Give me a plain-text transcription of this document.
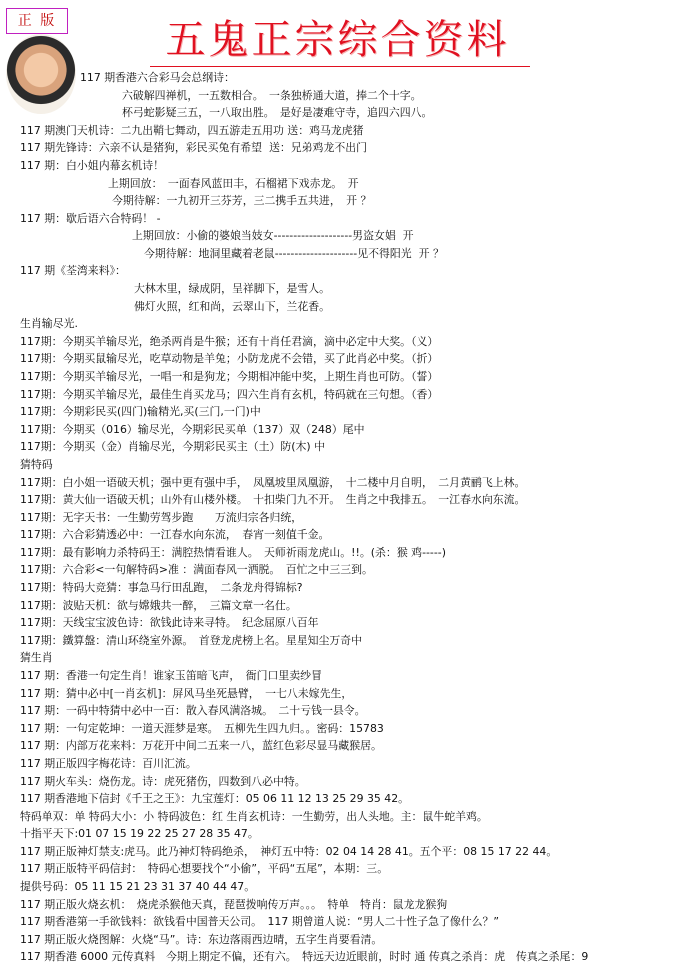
正 版	五鬼正宗综合资料
117 期香港六合彩马会总纲诗：
六破解四禅机，一五数相合。　一条独桥通大道，捧二个十字。
杯弓蛇影疑三五，一八取出胜。　是好是凄难守寺，追四六四八。
117 期澳门天机诗：二九出鞘七舞动，四五游走五用功 送：鸡马龙虎猪
117 期先锋诗：六亲不认是猪狗，彩民买兔有希望  送：兄弟鸡龙不出门
117 期：白小姐内幕玄机诗！
上期回放：　一面春风蓝田丰，石榴裙下戏赤龙。　开
今期待解：一九初开三芬芳，三二携手五共进，　开 ？
117 期：歇后语六合特码！ -
上期回放：小偷的婆娘当妓女--------------------男盗女娼  开
今期待解：地洞里藏着老鼠---------------------见不得阳光  开 ？
117 期《荃湾来料》：
大林木里，绿成阴，呈祥脚下，是雪人。
佛灯火照，红和尚，云翠山下，兰花香。
生肖输尽光.
117期：今期买羊输尽光，绝杀两肖是牛猴；还有十肖任君滴，滴中必定中大奖。（义）
117期：今期买鼠输尽光，吃草动物是羊兔；小防龙虎不会错，买了此肖必中奖。（折）
117期：今期买羊输尽光，一唱一和是狗龙；今期相冲能中奖，上期生肖也可防。（誓）
117期：今期买羊输尽光，最佳生肖买龙马；四六生肖有玄机，特码就在三句想。（香）
117期：今期彩民买(四门)输精光,买(三门,一门)中
117期：今期买（016）输尽光，今期彩民买单（137）双（248）尾中
117期：今期买（金）肖输尽光，今期彩民买主（土）防(木) 中
猜特码
117期：白小姐一语破天机；强中更有强中手，　凤凰坡里凤凰游，　十二楼中月自明，　二月黄鹂飞上林。
117期：黄大仙一语破天机；山外有山楼外楼。　十扣柴门九不开。　生肖之中我排五。　一江春水向东流。
117期：无字天书：一生勤劳驾步跑　　万流归宗各归统，
117期：六合彩猜透必中：一江春水向东流，　春宵一刻值千金。
117期：最有影响力杀特码王：满腔热情看谁人。　天师祈雨龙虎山。!!。(杀：猴 鸡-----)
117期：六合彩<一句解特码>准 ：满面春风一洒脱。　百忙之中三三到。
117期：特码大竞猜：事急马行田乱跑，　二条龙舟得锦标?
117期：波贴天机：欲与嫦娥共一醉，　三篇文章一名仕。
117期：天线宝宝波色诗：欲钱此诗来寻特。　纪念屈原八百年
117期：鐵算盤：清山环绕室外源。　首登龙虎榜上名。星星知尘万奇中
猜生肖
117 期：香港一句定生肖！谁家玉笛暗飞声，　衙门口里卖纱冒
117 期：猜中必中[一肖玄机]：屏风马坐死悬臂，　一七八未嫁先生，
117 期：一码中特猜中必中一百：散入春风满洛城。　二十亏钱一县令。
117 期：一句定乾坤：一道天涯梦是寒。　五柳先生四九归。。密码：15783
117 期：内部万花来料：万花开中间二五来一八，蓝红色彩尽显马藏猴居。
117 期正版四字梅花诗：百川汇流。
117 期火车头：烧伤龙。诗：虎死猪伤，四数到八必中特。
117 期香港地下信封《千王之王》：九宝莲灯：05 06 11 12 13 25 29 35 42。
特码单双：单 特码大小：小 特码波色：红 生肖玄机诗：一生勤劳，出人头地。主：鼠牛蛇羊鸡。
十指平天下:01 07 15 19 22 25 27 28 35 47。
117 期正版神灯禁支:虎马。此乃神灯特码绝杀，　神灯五中特：02 04 14 28 41。五个平：08 15 17 22 44。
117 期正版特平码信封：　特码心想要找个“小偷”，平码“五尾”，本期：三。
提供号码：05 11 15 21 23 31 37 40 44 47。
117 期正版火烧玄机：　烧虎杀猴他天真，琵琶拨响传万声。。。　特单　特肖：鼠龙龙猴狗
117 期香港第一手欲钱料：欲钱看中国普天公司。　117 期曾道人说：“男人二十性子急了像什么？”
117 期正版火烧图解：火烧“马”。诗：东边落雨西边晴，五字生肖要看清。
117 期香港 6000 元传真料　今期上期定不偏，还有六。　特远天边近眼前，时时 通 传真之杀肖：虎　传真之杀尾：9
